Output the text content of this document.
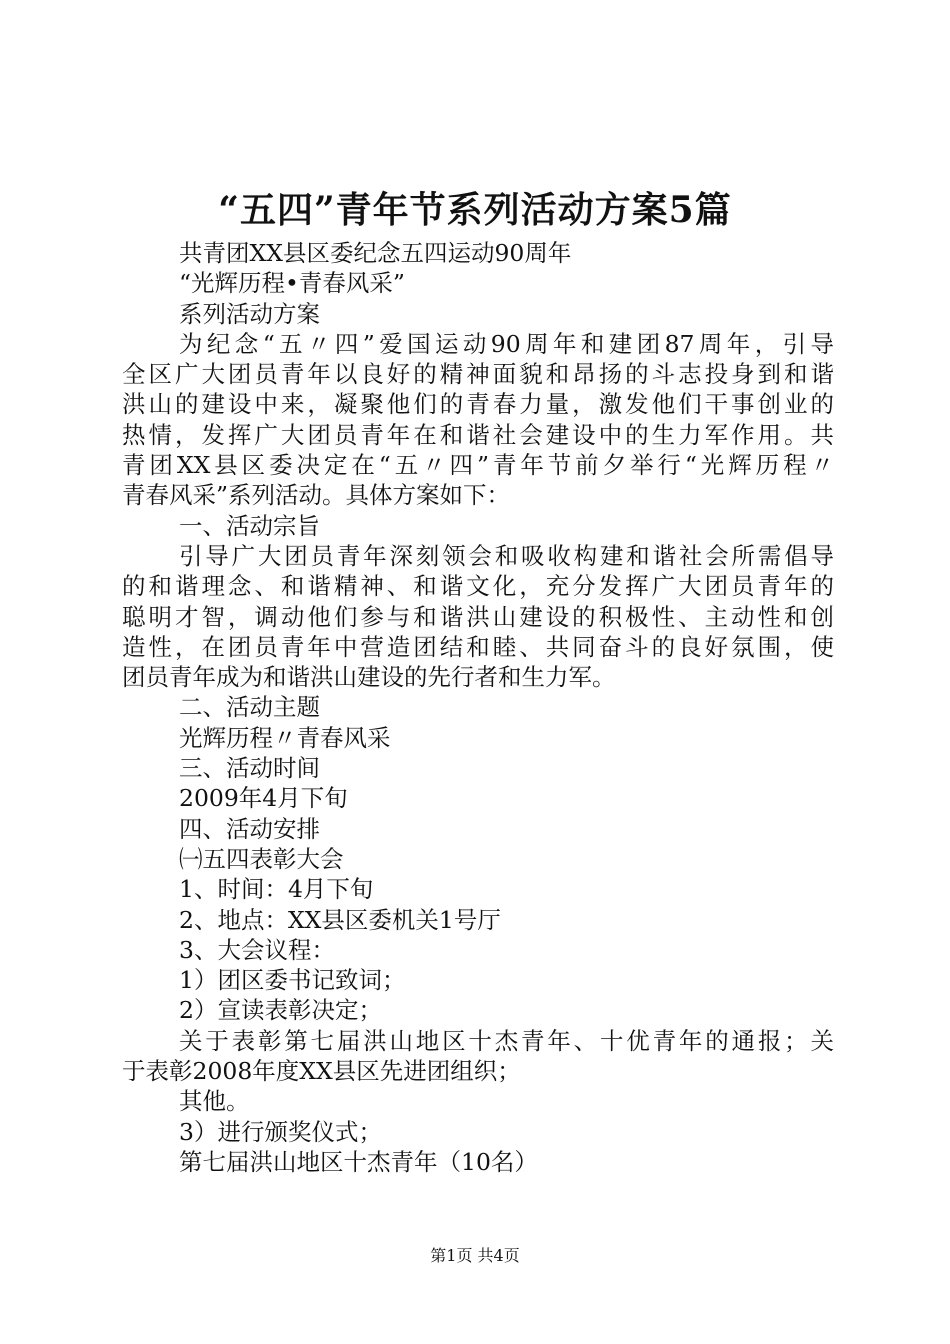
“五四”青年节系列活动方案5篇
共青团XX县区委纪念五四运动90周年
“光辉历程•青春风采”
系列活动方案
为纪念“五〃四”爱国运动90周年和建团87周年，引导
全区广大团员青年以良好的精神面貌和昂扬的斗志投身到和谐
洪山的建设中来，凝聚他们的青春力量，激发他们干事创业的
热情，发挥广大团员青年在和谐社会建设中的生力军作用。共
青团XX县区委决定在“五〃四”青年节前夕举行“光辉历程〃
青春风采”系列活动。具体方案如下：
一、活动宗旨
引导广大团员青年深刻领会和吸收构建和谐社会所需倡导
的和谐理念、和谐精神、和谐文化，充分发挥广大团员青年的
聪明才智，调动他们参与和谐洪山建设的积极性、主动性和创
造性，在团员青年中营造团结和睦、共同奋斗的良好氛围，使
团员青年成为和谐洪山建设的先行者和生力军。
二、活动主题
光辉历程〃青春风采
三、活动时间
2009年4月下旬
四、活动安排
㈠五四表彰大会
1、时间：4月下旬
2、地点：XX县区委机关1号厅
3、大会议程：
1）团区委书记致词；
2）宣读表彰决定；
关于表彰第七届洪山地区十杰青年、十优青年的通报；关
于表彰2008年度XX县区先进团组织；
其他。
3）进行颁奖仪式；
第七届洪山地区十杰青年（10名）
第1页 共4页
